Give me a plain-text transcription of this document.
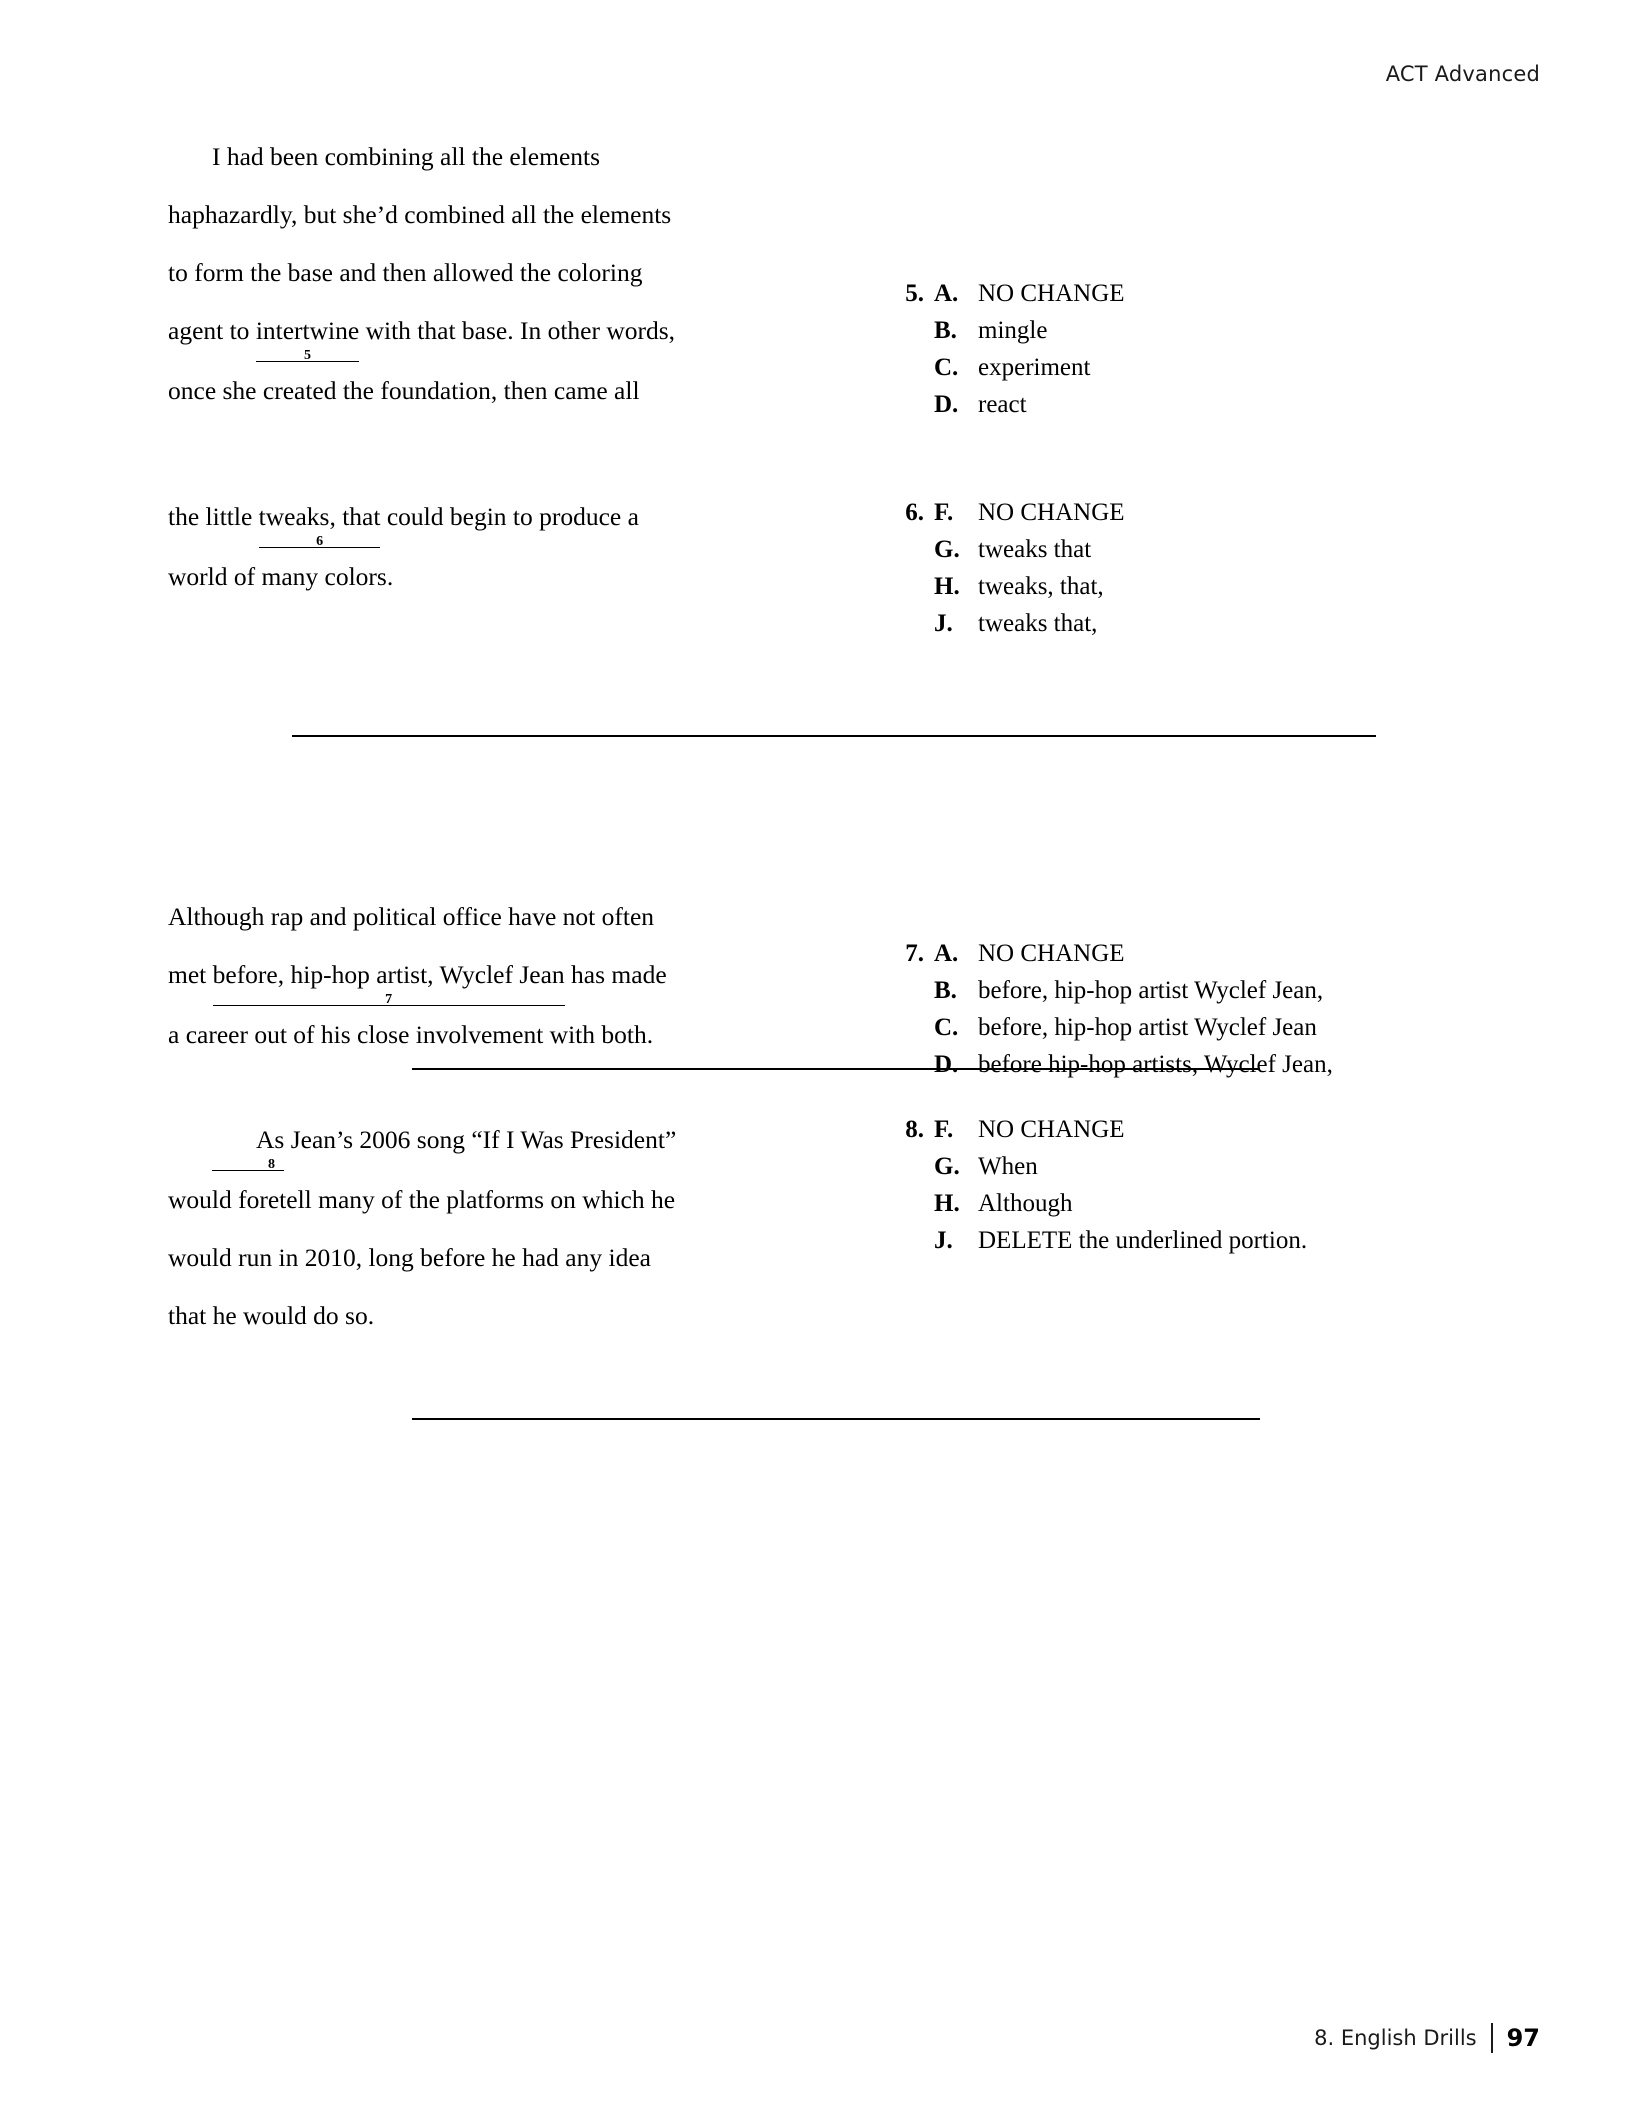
ACT Advanced

I had been combining all the elements

haphazardly, but she’d combined all the elements

to form the base and then allowed the coloring

agent to intertwine
5
with that base. In other words,

once she created the foundation, then came all

5. A. NO CHANGE
B. mingle
C. experiment
D. react

the little tweaks, that
6
could begin to produce a

world of many colors.

6. F. NO CHANGE
G. tweaks that
H. tweaks, that,
J.	tweaks that,

Although rap and political office have not often

met before, hip-hop artist, Wyclef Jean
7
has made

a career out of his close involvement with both.

7. A. NO CHANGE
B. before, hip-hop artist Wyclef Jean,
C. before, hip-hop artist Wyclef Jean
D. before hip-hop artists, Wyclef Jean,

As
8
Jean’s 2006 song “If I Was President”

would foretell many of the platforms on which he

would run in 2010, long before he had any idea

that he would do so.

8. F. NO CHANGE
G. When
H. Although
J.	DELETE the underlined portion.
8. English Drills 97
